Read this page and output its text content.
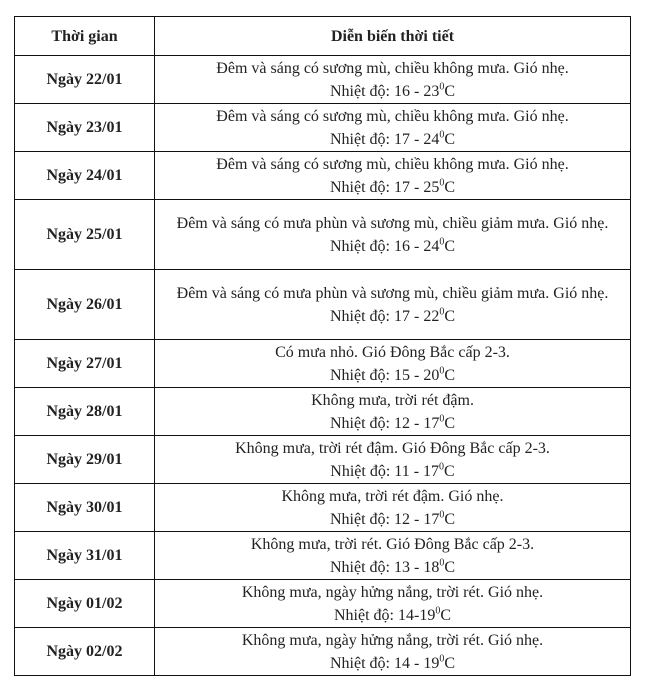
Thời gian	Diễn biến thời tiết
Ngày 22/01	Đêm và sáng có sương mù, chiều không mưa. Gió nhẹ.
Nhiệt độ: $16 - 23^0C$

Ngày 23/01	Đêm và sáng có sương mù, chiều không mưa. Gió nhẹ.
Nhiệt độ: $17 - 24^0C$

Ngày 24/01	Đêm và sáng có sương mù, chiều không mưa. Gió nhẹ.
Nhiệt độ: $17 - 25^0C$

Ngày 25/01	Đêm và sáng có mưa phùn và sương mù, chiều giảm mưa. Gió nhẹ.
Nhiệt độ: $16 - 24^0C$

Ngày 26/01	Đêm và sáng có mưa phùn và sương mù, chiều giảm mưa. Gió nhẹ.
Nhiệt độ: $17 - 22^0C$

Ngày 27/01	Có mưa nhỏ. Gió Đông Bắc cấp 2-3.
Nhiệt độ: $15 - 20^0C$

Ngày 28/01	Không mưa, trời rét đậm.
Nhiệt độ: $12 - 17^0C$

Ngày 29/01	Không mưa, trời rét đậm. Gió Đông Bắc cấp 2-3.
Nhiệt độ: $11 - 17^0C$

Ngày 30/01	Không mưa, trời rét đậm. Gió nhẹ.
Nhiệt độ: $12 - 17^0C$

Ngày 31/01	Không mưa, trời rét. Gió Đông Bắc cấp 2-3.
Nhiệt độ: $13 - 18^0C$

Ngày 01/02	Không mưa, ngày hửng nắng, trời rét. Gió nhẹ.
Nhiệt độ: $14-19^0C$

Ngày 02/02	Không mưa, ngày hửng nắng, trời rét. Gió nhẹ.
Nhiệt độ: $14 - 19^0C$
